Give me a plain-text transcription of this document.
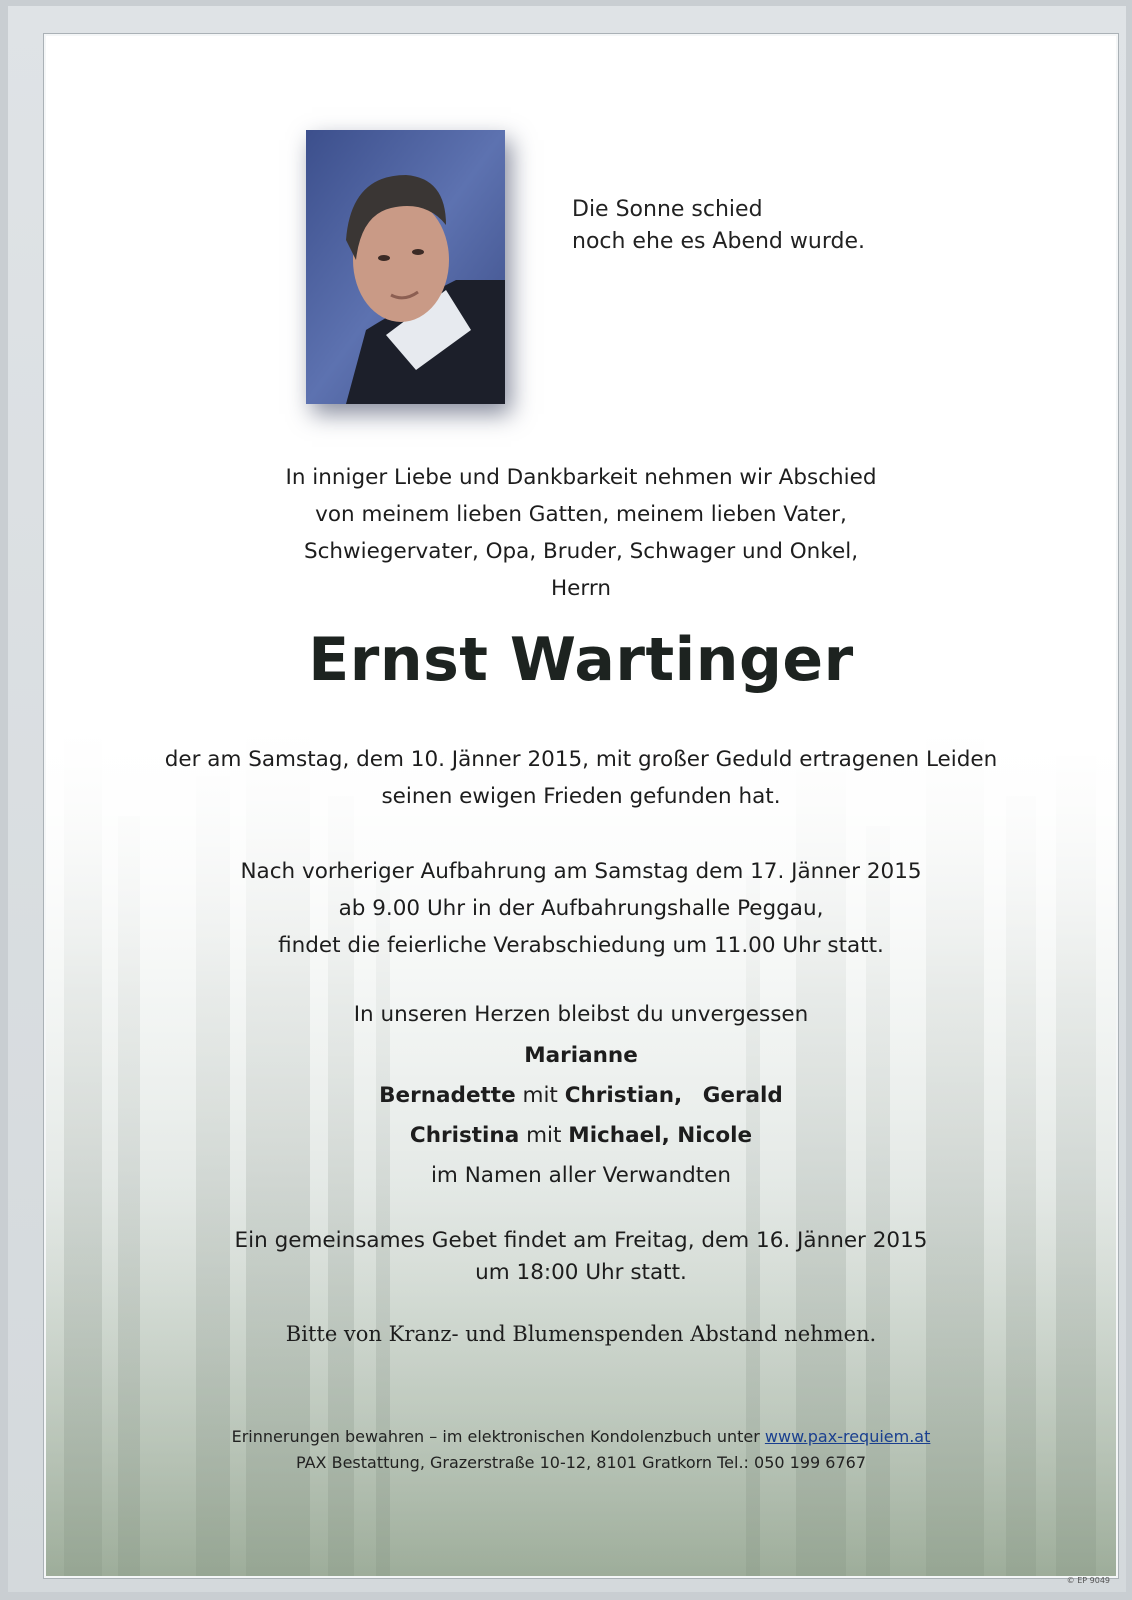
Die Sonne schied
noch ehe es Abend wurde.
In inniger Liebe und Dankbarkeit nehmen wir Abschied
von meinem lieben Gatten, meinem lieben Vater,
Schwiegervater, Opa, Bruder, Schwager und Onkel,
Herrn
Ernst Wartinger
der am Samstag, dem 10. Jänner 2015, mit großer Geduld ertragenen Leiden
seinen ewigen Frieden gefunden hat.
Nach vorheriger Aufbahrung am Samstag dem 17. Jänner 2015
ab 9.00 Uhr in der Aufbahrungshalle Peggau,
findet die feierliche Verabschiedung um 11.00 Uhr statt.
In unseren Herzen bleibst du unvergessen
Marianne
Bernadette mit Christian, Gerald
Christina mit Michael, Nicole
im Namen aller Verwandten
Ein gemeinsames Gebet findet am Freitag, dem 16. Jänner 2015
um 18:00 Uhr statt.
Bitte von Kranz- und Blumenspenden Abstand nehmen.
Erinnerungen bewahren – im elektronischen Kondolenzbuch unter www.pax-requiem.at
PAX Bestattung, Grazerstraße 10-12, 8101 Gratkorn Tel.: 050 199 6767
© EP 9049
